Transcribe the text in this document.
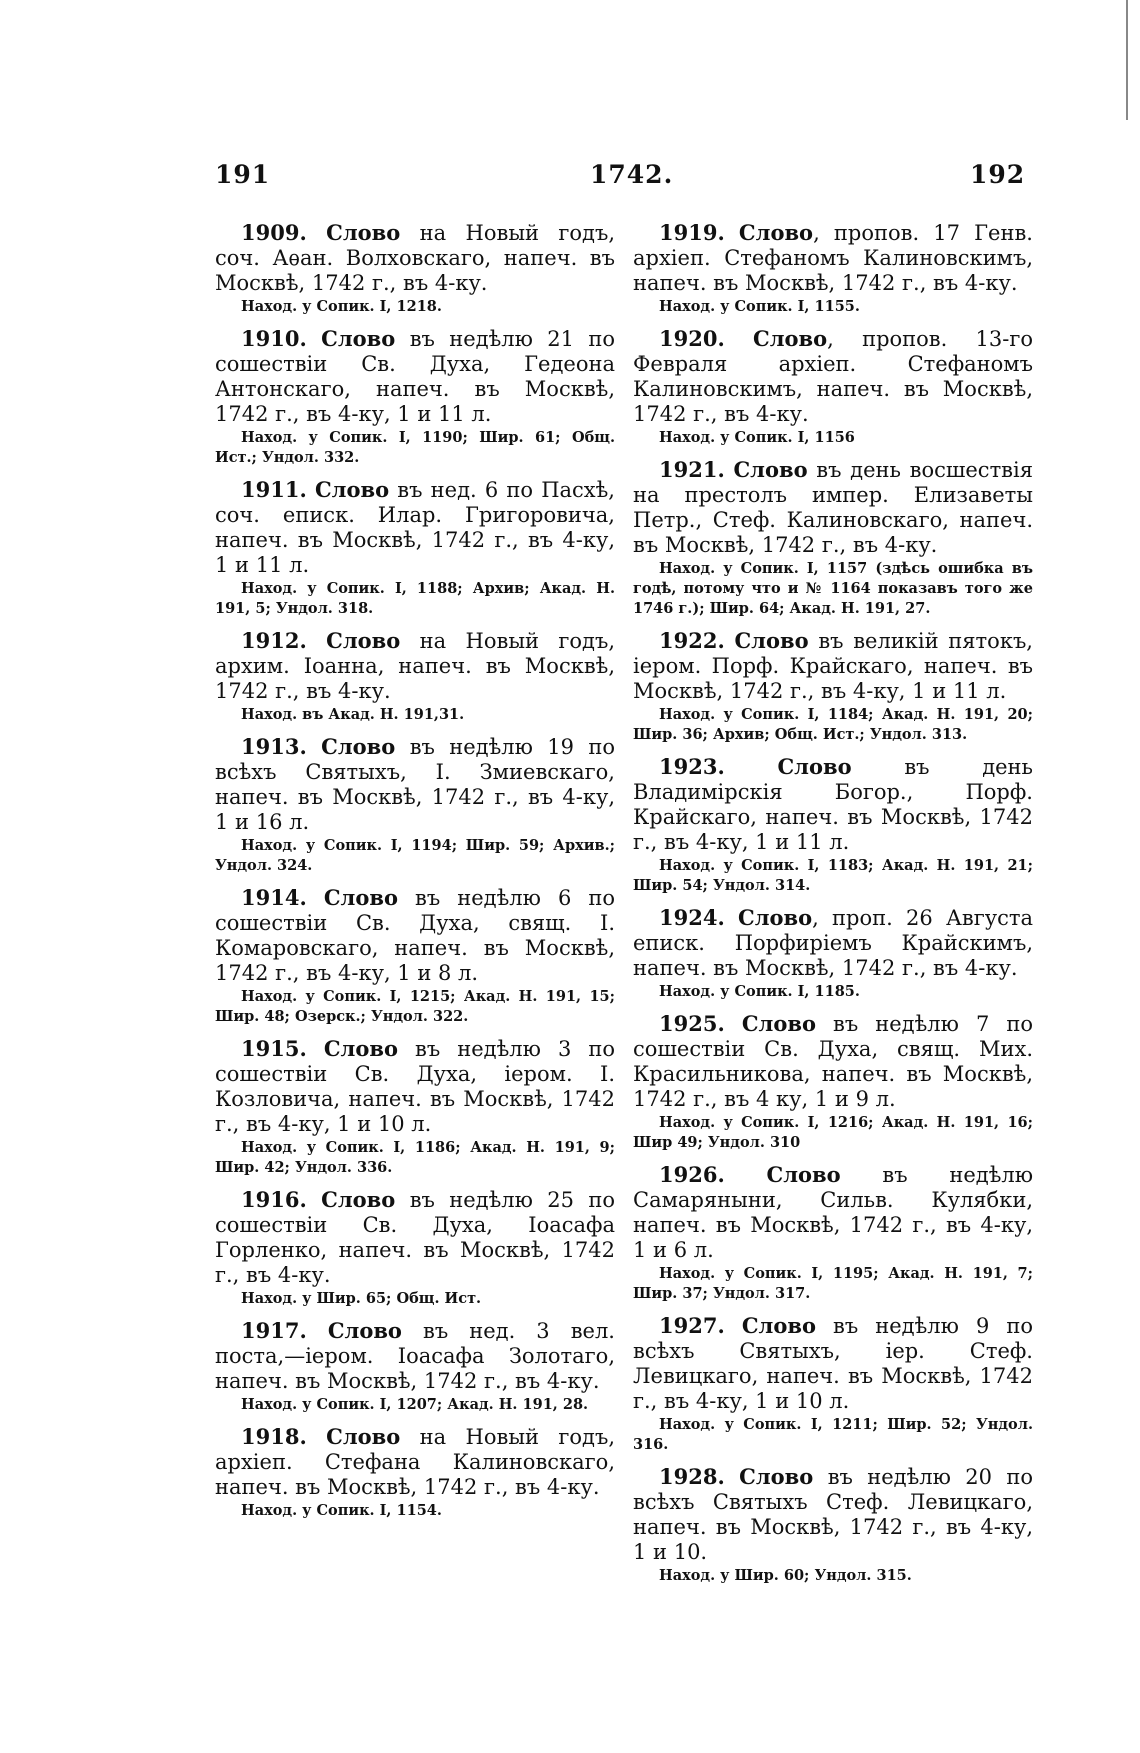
191	1742.	192

1909. Слово на Новый годъ, соч. Аѳан. Волховскаго, напеч. въ Москвѣ, 1742 г., въ 4-ку.

Наход. у Сопик. I, 1218.

1910. Слово въ недѣлю 21 по сошествіи Св. Духа, Гедеона Антонскаго, напеч. въ Москвѣ, 1742 г., въ 4-ку, 1 и 11 л.

Наход. у Сопик. I, 1190; Шир. 61; Общ. Ист.; Ундол. 332.

1911. Слово въ нед. 6 по Пасхѣ, соч. еписк. Илар. Григоровича, напеч. въ Москвѣ, 1742 г., въ 4-ку, 1 и 11 л.

Наход. у Сопик. I, 1188; Архив; Акад. Н. 191, 5; Ундол. 318.

1912. Слово на Новый годъ, архим. Іоанна, напеч. въ Москвѣ, 1742 г., въ 4-ку.

Наход. въ Акад. Н. 191,31.

1913. Слово въ недѣлю 19 по всѣхъ Святыхъ, I. Змиевскаго, напеч. въ Москвѣ, 1742 г., въ 4-ку, 1 и 16 л.

Наход. у Сопик. I, 1194; Шир. 59; Архив.; Ундол. 324.

1914. Слово въ недѣлю 6 по сошествіи Св. Духа, свящ. I. Комаровскаго, напеч. въ Москвѣ, 1742 г., въ 4-ку, 1 и 8 л.

Наход. у Сопик. I, 1215; Акад. Н. 191, 15; Шир. 48; Озерск.; Ундол. 322.

1915. Слово въ недѣлю 3 по сошествіи Св. Духа, іером. I. Козловича, напеч. въ Москвѣ, 1742 г., въ 4-ку, 1 и 10 л.

Наход. у Сопик. I, 1186; Акад. Н. 191, 9; Шир. 42; Ундол. 336.

1916. Слово въ недѣлю 25 по сошествіи Св. Духа, Іоасафа Горленко, напеч. въ Москвѣ, 1742 г., въ 4-ку.

Наход. у Шир. 65; Общ. Ист.

1917. Слово въ нед. 3 вел. поста,—іером. Іоасафа Золотаго, напеч. въ Москвѣ, 1742 г., въ 4-ку.

Наход. у Сопик. I, 1207; Акад. Н. 191, 28.

1918. Слово на Новый годъ, архіеп. Стефана Калиновскаго, напеч. въ Москвѣ, 1742 г., въ 4-ку.

Наход. у Сопик. I, 1154.

1919. Слово, пропов. 17 Генв. архіеп. Стефаномъ Калиновскимъ, напеч. въ Москвѣ, 1742 г., въ 4-ку.

Наход. у Сопик. I, 1155.

1920. Слово, пропов. 13-го Февраля архіеп. Стефаномъ Калиновскимъ, напеч. въ Москвѣ, 1742 г., въ 4-ку.

Наход. у Сопик. I, 1156

1921. Слово въ день восшествія на престолъ импер. Елизаветы Петр., Стеф. Калиновскаго, напеч. въ Москвѣ, 1742 г., въ 4-ку.

Наход. у Сопик. I, 1157 (здѣсь ошибка въ годѣ, потому что и № 1164 показавъ того же 1746 г.); Шир. 64; Акад. Н. 191, 27.

1922. Слово въ великій пятокъ, іером. Порф. Крайскаго, напеч. въ Москвѣ, 1742 г., въ 4-ку, 1 и 11 л.

Наход. у Сопик. I, 1184; Акад. Н. 191, 20; Шир. 36; Архив; Общ. Ист.; Ундол. 313.

1923.	Слово	въ день Владимірскія Богор., Порф. Крайскаго, напеч. въ Москвѣ, 1742 г., въ 4-ку, 1 и 11 л.

Наход. у Сопик. I, 1183; Акад. Н. 191, 21; Шир. 54; Ундол. 314.

1924. Слово, проп. 26 Августа еписк. Порфиріемъ Крайскимъ, напеч. въ Москвѣ, 1742 г., въ 4-ку.

Наход. у Сопик. I, 1185.

1925. Слово въ недѣлю 7 по сошествіи Св. Духа, свящ. Мих. Красильникова, напеч. въ Москвѣ, 1742 г., въ 4 ку, 1 и 9 л.

Наход. у Сопик. I, 1216; Акад. Н. 191, 16; Шир 49; Ундол. 310

1926. Слово въ недѣлю Самаряныни, Сильв. Кулябки, напеч. въ Москвѣ, 1742 г., въ 4-ку, 1 и 6 л.

Наход. у Сопик. I, 1195; Акад. Н. 191, 7; Шир. 37; Ундол. 317.

1927. Слово въ недѣлю 9 по всѣхъ Святыхъ, іер. Стеф. Левицкаго, напеч. въ Москвѣ, 1742 г., въ 4-ку, 1 и 10 л.

Наход. у Сопик. I, 1211; Шир. 52; Ундол. 316.

1928. Слово въ недѣлю 20 по всѣхъ Святыхъ Стеф. Левицкаго, напеч. въ Москвѣ, 1742 г., въ 4-ку, 1 и 10.

Наход. у Шир. 60; Ундол. 315.
